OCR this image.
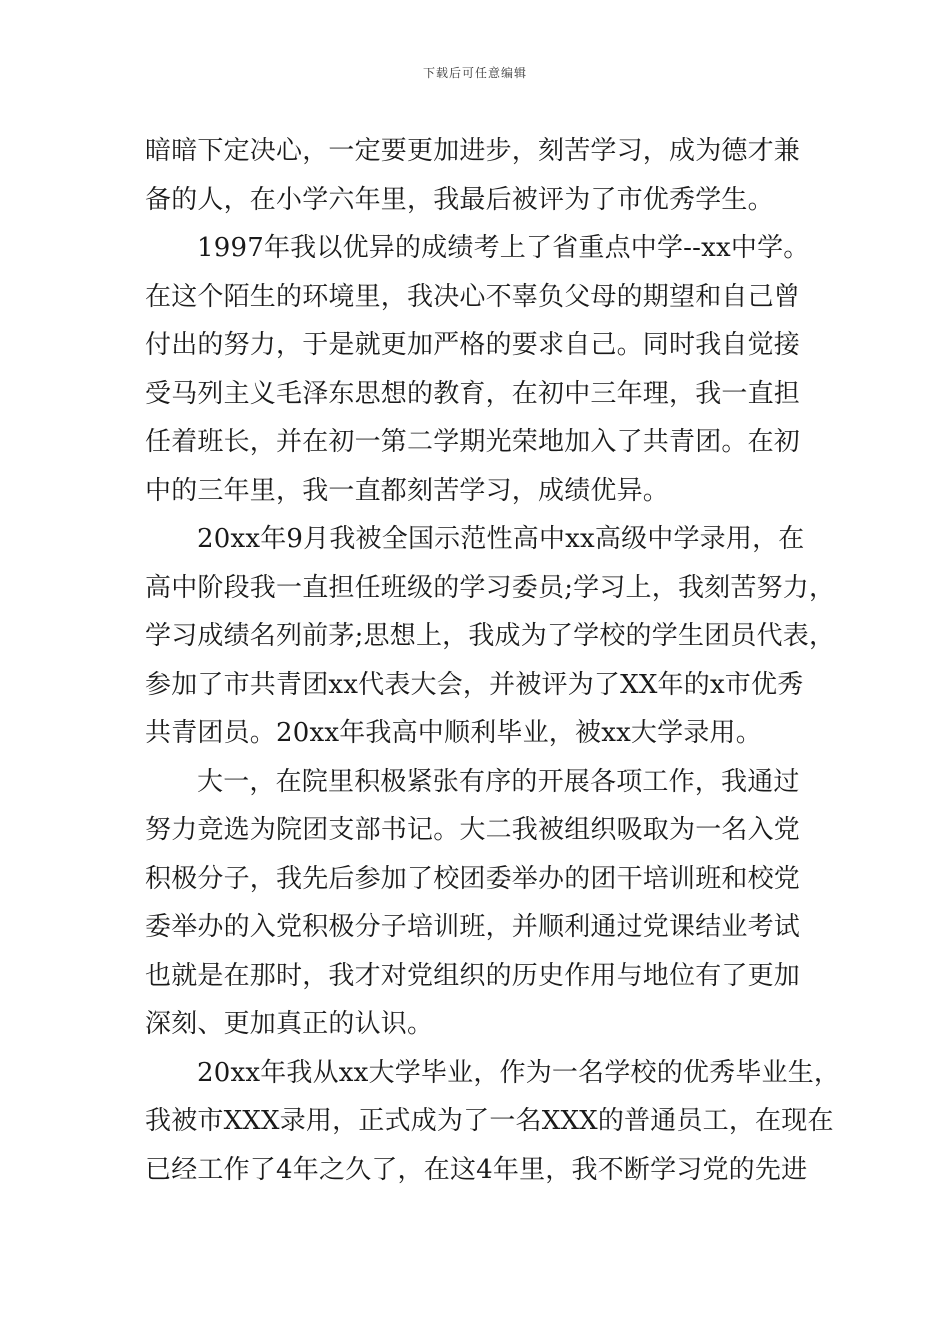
下载后可任意编辑
暗暗下定决心，一定要更加进步，刻苦学习，成为德才兼
备的人，在小学六年里，我最后被评为了市优秀学生。
1997年我以优异的成绩考上了省重点中学--xx中学。
在这个陌生的环境里，我决心不辜负父母的期望和自己曾
付出的努力，于是就更加严格的要求自己。同时我自觉接
受马列主义毛泽东思想的教育，在初中三年理，我一直担
任着班长，并在初一第二学期光荣地加入了共青团。在初
中的三年里，我一直都刻苦学习，成绩优异。
20xx年9月我被全国示范性高中xx高级中学录用，在
高中阶段我一直担任班级的学习委员;学习上，我刻苦努力，
学习成绩名列前茅;思想上，我成为了学校的学生团员代表，
参加了市共青团xx代表大会，并被评为了XX年的x市优秀
共青团员。20xx年我高中顺利毕业，被xx大学录用。
大一，在院里积极紧张有序的开展各项工作，我通过
努力竞选为院团支部书记。大二我被组织吸取为一名入党
积极分子，我先后参加了校团委举办的团干培训班和校党
委举办的入党积极分子培训班，并顺利通过党课结业考试
也就是在那时，我才对党组织的历史作用与地位有了更加
深刻、更加真正的认识。
20xx年我从xx大学毕业，作为一名学校的优秀毕业生，
我被市XXX录用，正式成为了一名XXX的普通员工，在现在
已经工作了4年之久了，在这4年里，我不断学习党的先进
